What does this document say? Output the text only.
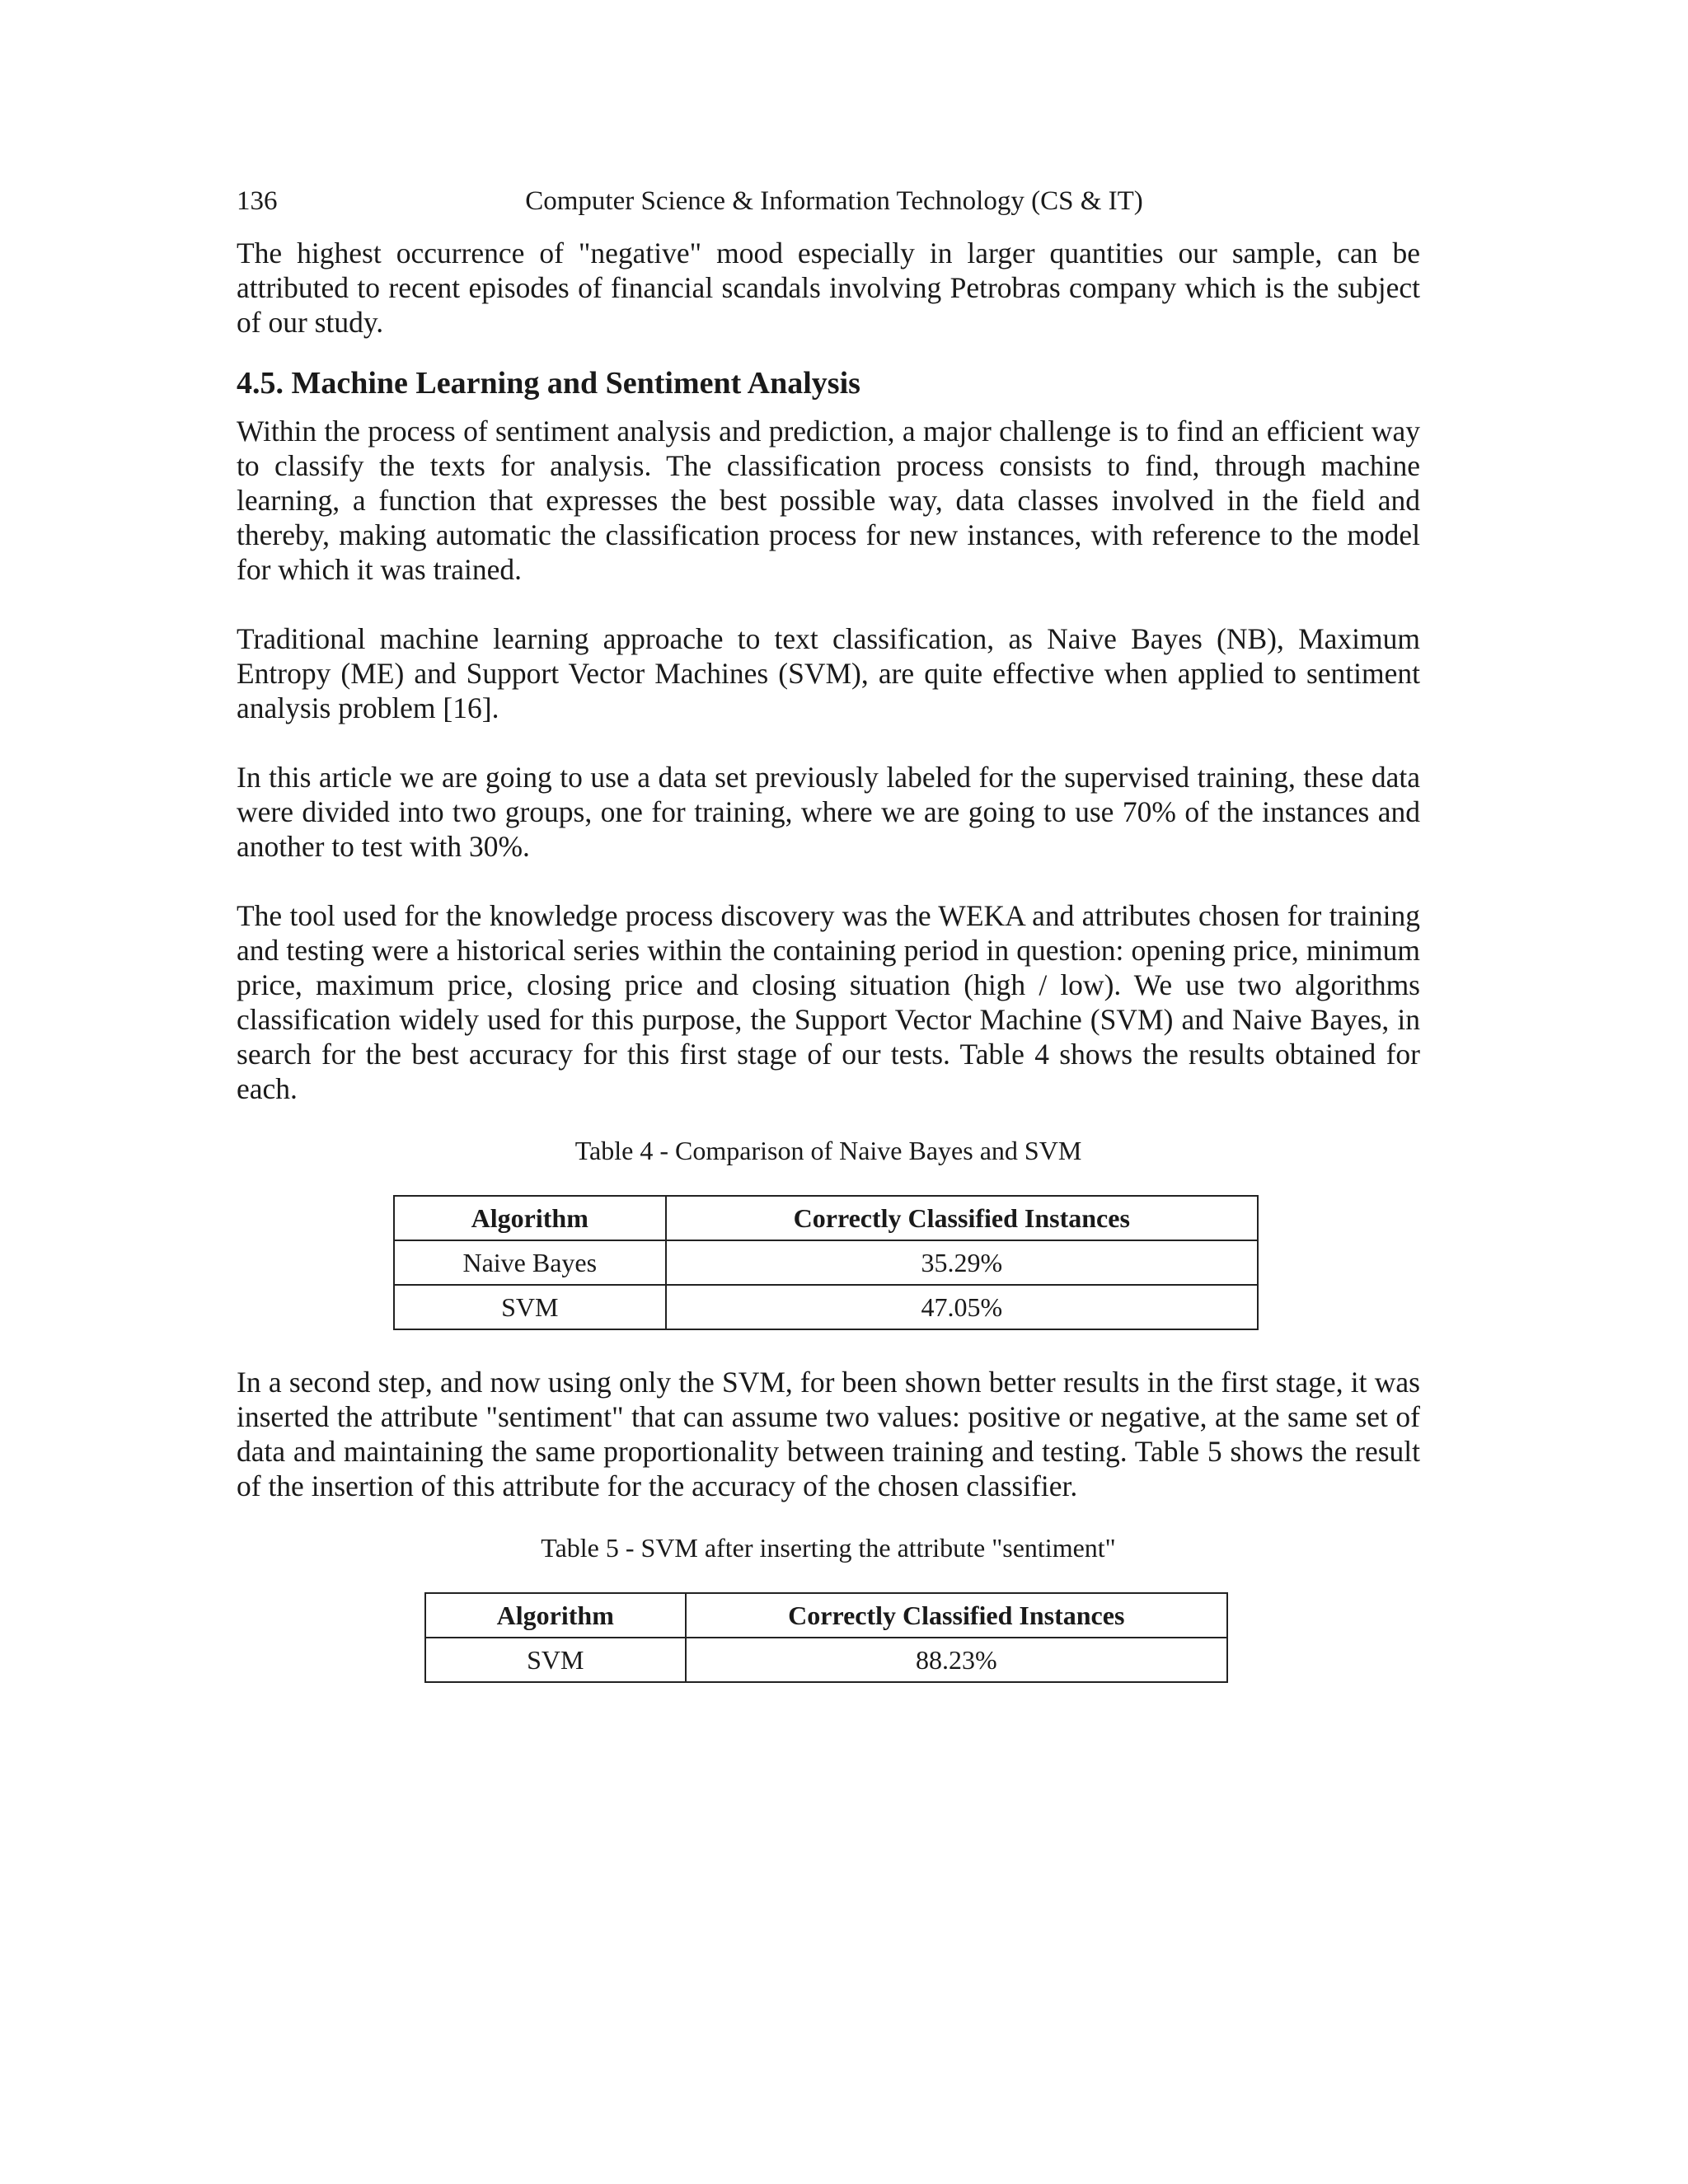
136	Computer Science & Information Technology (CS & IT)

The highest occurrence of "negative" mood especially in larger quantities our sample, can be attributed to recent episodes of financial scandals involving Petrobras company which is the subject of our study.

4.5. Machine Learning and Sentiment Analysis

Within the process of sentiment analysis and prediction, a major challenge is to find an efficient way to classify the texts for analysis. The classification process consists to find, through machine learning, a function that expresses the best possible way, data classes involved in the field and thereby, making automatic the classification process for new instances, with reference to the model for which it was trained.

Traditional machine learning approache to text classification, as Naive Bayes (NB), Maximum Entropy (ME) and Support Vector Machines (SVM), are quite effective when applied to sentiment analysis problem [16].

In this article we are going to use a data set previously labeled for the supervised training, these data were divided into two groups, one for training, where we are going to use 70% of the instances and another to test with 30%.

The tool used for the knowledge process discovery was the WEKA and attributes chosen for training and testing were a historical series within the containing period in question: opening price, minimum price, maximum price, closing price and closing situation (high / low). We use two algorithms classification widely used for this purpose, the Support Vector Machine (SVM) and Naive Bayes, in search for the best accuracy for this first stage of our tests. Table 4 shows the results obtained for each.

Table 4 - Comparison of Naive Bayes and SVM

Algorithm	Correctly Classified Instances
Naive Bayes	35.29%
SVM	47.05%

In a second step, and now using only the SVM, for been shown better results in the first stage, it was inserted the attribute "sentiment" that can assume two values: positive or negative, at the same set of data and maintaining the same proportionality between training and testing. Table 5 shows the result of the insertion of this attribute for the accuracy of the chosen classifier.

Table 5 - SVM after inserting the attribute "sentiment"

Algorithm	Correctly Classified Instances
SVM	88.23%
